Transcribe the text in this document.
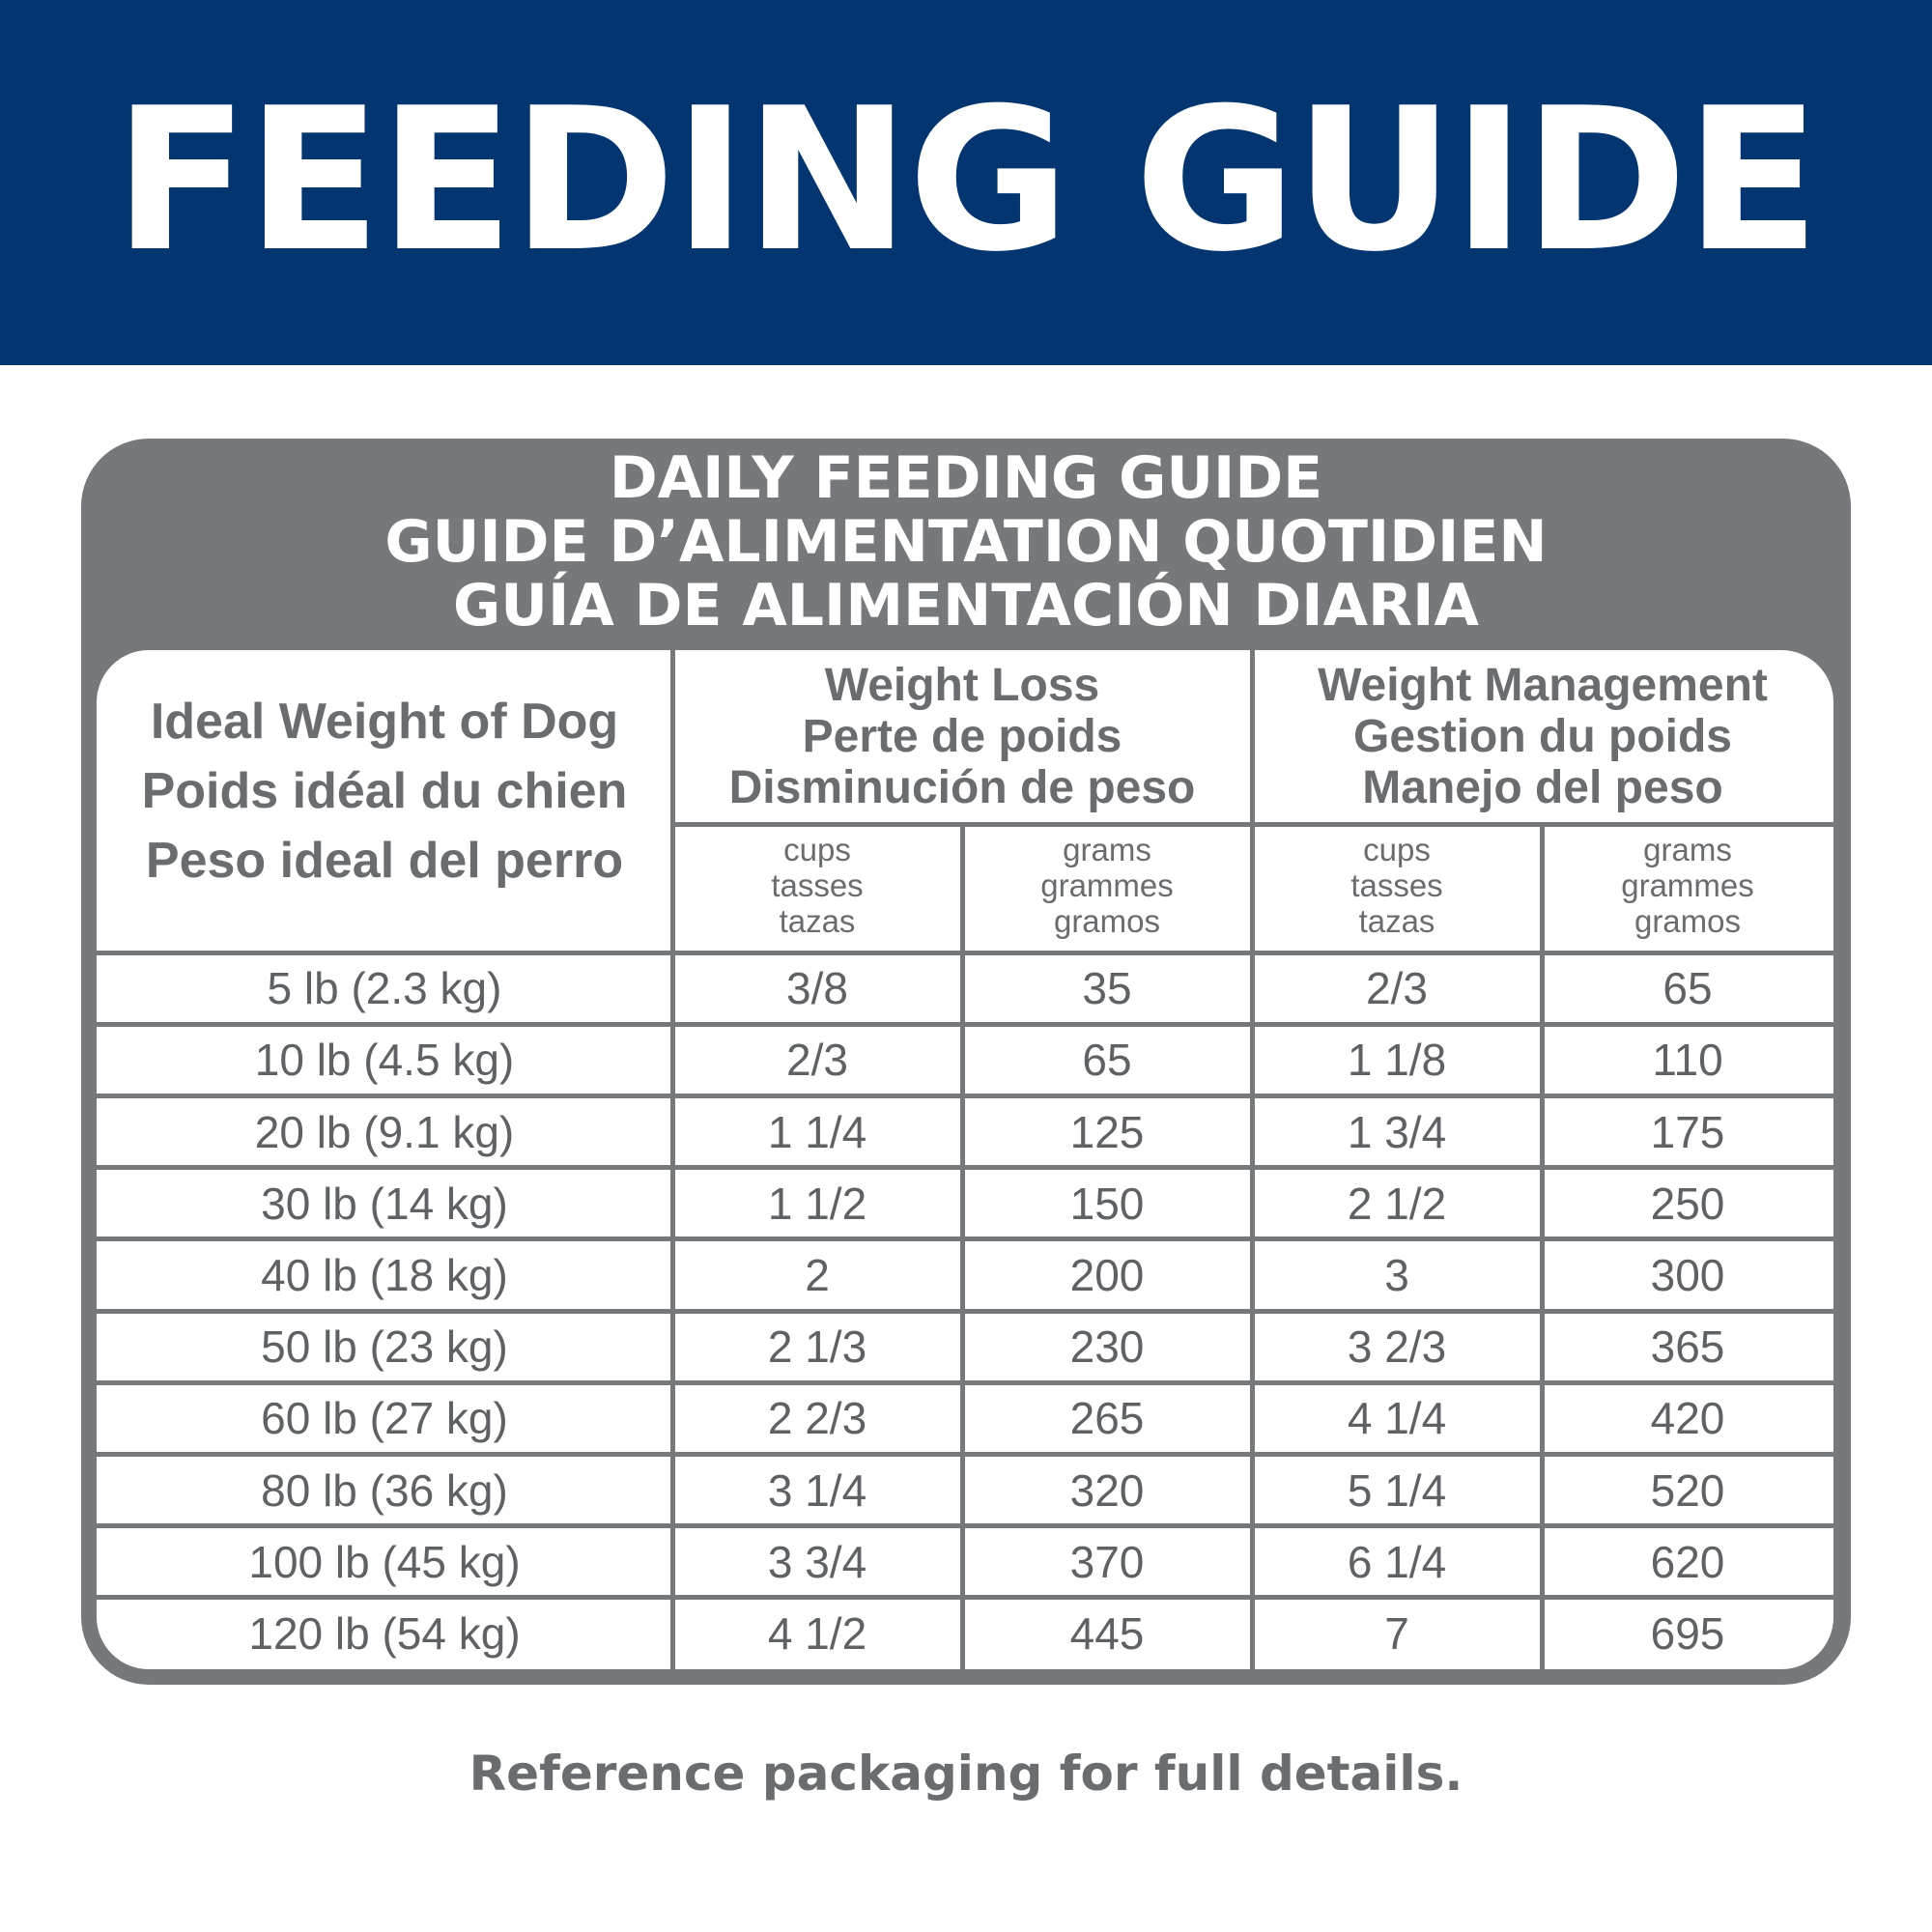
FEEDING GUIDE
DAILY FEEDING GUIDE
GUIDE D’ALIMENTATION QUOTIDIEN
GUÍA DE ALIMENTACIÓN DIARIA
Ideal Weight of Dog
Poids idéal du chien
Peso ideal del perro
Weight Loss
Perte de poids
Disminución de peso
Weight Management
Gestion du poids
Manejo del peso
cups
tasses
tazas
grams
grammes
gramos
cups
tasses
tazas
grams
grammes
gramos
5 lb (2.3 kg)	3/8	35	2/3	65
10 lb (4.5 kg)	2/3	65	1 1/8	110
20 lb (9.1 kg)	1 1/4	125	1 3/4	175
30 lb (14 kg)	1 1/2	150	2 1/2	250
40 lb (18 kg)	2	200	3	300
50 lb (23 kg)	2 1/3	230	3 2/3	365
60 lb (27 kg)	2 2/3	265	4 1/4	420
80 lb (36 kg)	3 1/4	320	5 1/4	520
100 lb (45 kg)	3 3/4	370	6 1/4	620
120 lb (54 kg)	4 1/2	445	7	695
Reference packaging for full details.
